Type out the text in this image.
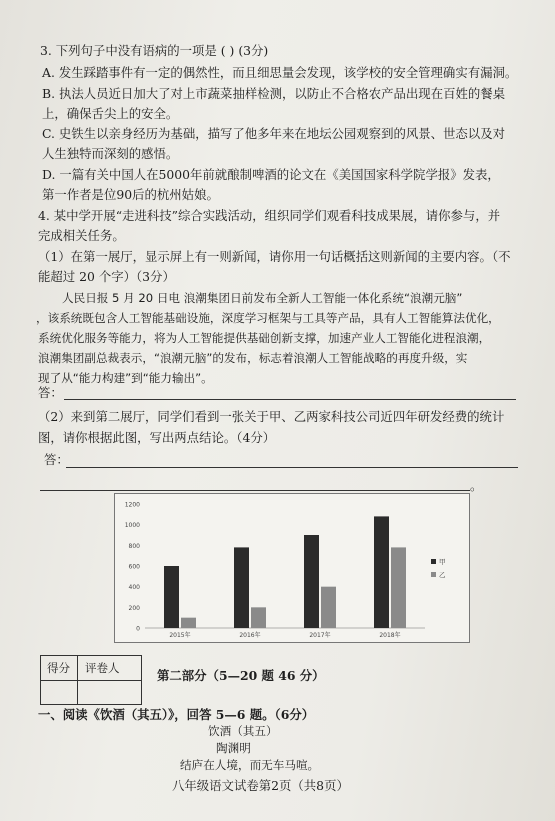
3. 下列句子中没有语病的一项是 ( ) (3分)
A. 发生踩踏事件有一定的偶然性，而且细思量会发现，该学校的安全管理确实有漏洞。
B. 执法人员近日加大了对上市蔬菜抽样检测，以防止不合格农产品出现在百姓的餐桌
上，确保舌尖上的安全。
C. 史铁生以亲身经历为基础，描写了他多年来在地坛公园观察到的风景、世态以及对
人生独特而深刻的感悟。
D. 一篇有关中国人在5000年前就酿制啤酒的论文在《美国国家科学院学报》发表，
第一作者是位90后的杭州姑娘。
4. 某中学开展“走进科技”综合实践活动，组织同学们观看科技成果展，请你参与，并
完成相关任务。
（1）在第一展厅，显示屏上有一则新闻，请你用一句话概括这则新闻的主要内容。（不
能超过 20 个字）（3分）
人民日报 5 月 20 日电 浪潮集团日前发布全新人工智能一体化系统“浪潮元脑”
，该系统既包含人工智能基础设施，深度学习框架与工具等产品，具有人工智能算法优化，
系统优化服务等能力，将为人工智能提供基础创新支撑，加速产业人工智能化进程浪潮，
浪潮集团副总裁表示，“浪潮元脑”的发布，标志着浪潮人工智能战略的再度升级，实
现了从“能力构建”到“能力输出”。
答：
（2）来到第二展厅，同学们看到一张关于甲、乙两家科技公司近四年研发经费的统计
图，请你根据此图，写出两点结论。（4分）
答：
。
0
200
400
600
800
1000
1200
2015年	2016年	2017年	2018年
甲
乙
得分 评卷人	第二部分（5—20 题 46 分）
一、阅读《饮酒（其五）》，回答 5—6 题。（6分）
饮酒（其五）
陶渊明
结庐在人境，而无车马喧。
八年级语文试卷第2页（共8页）
